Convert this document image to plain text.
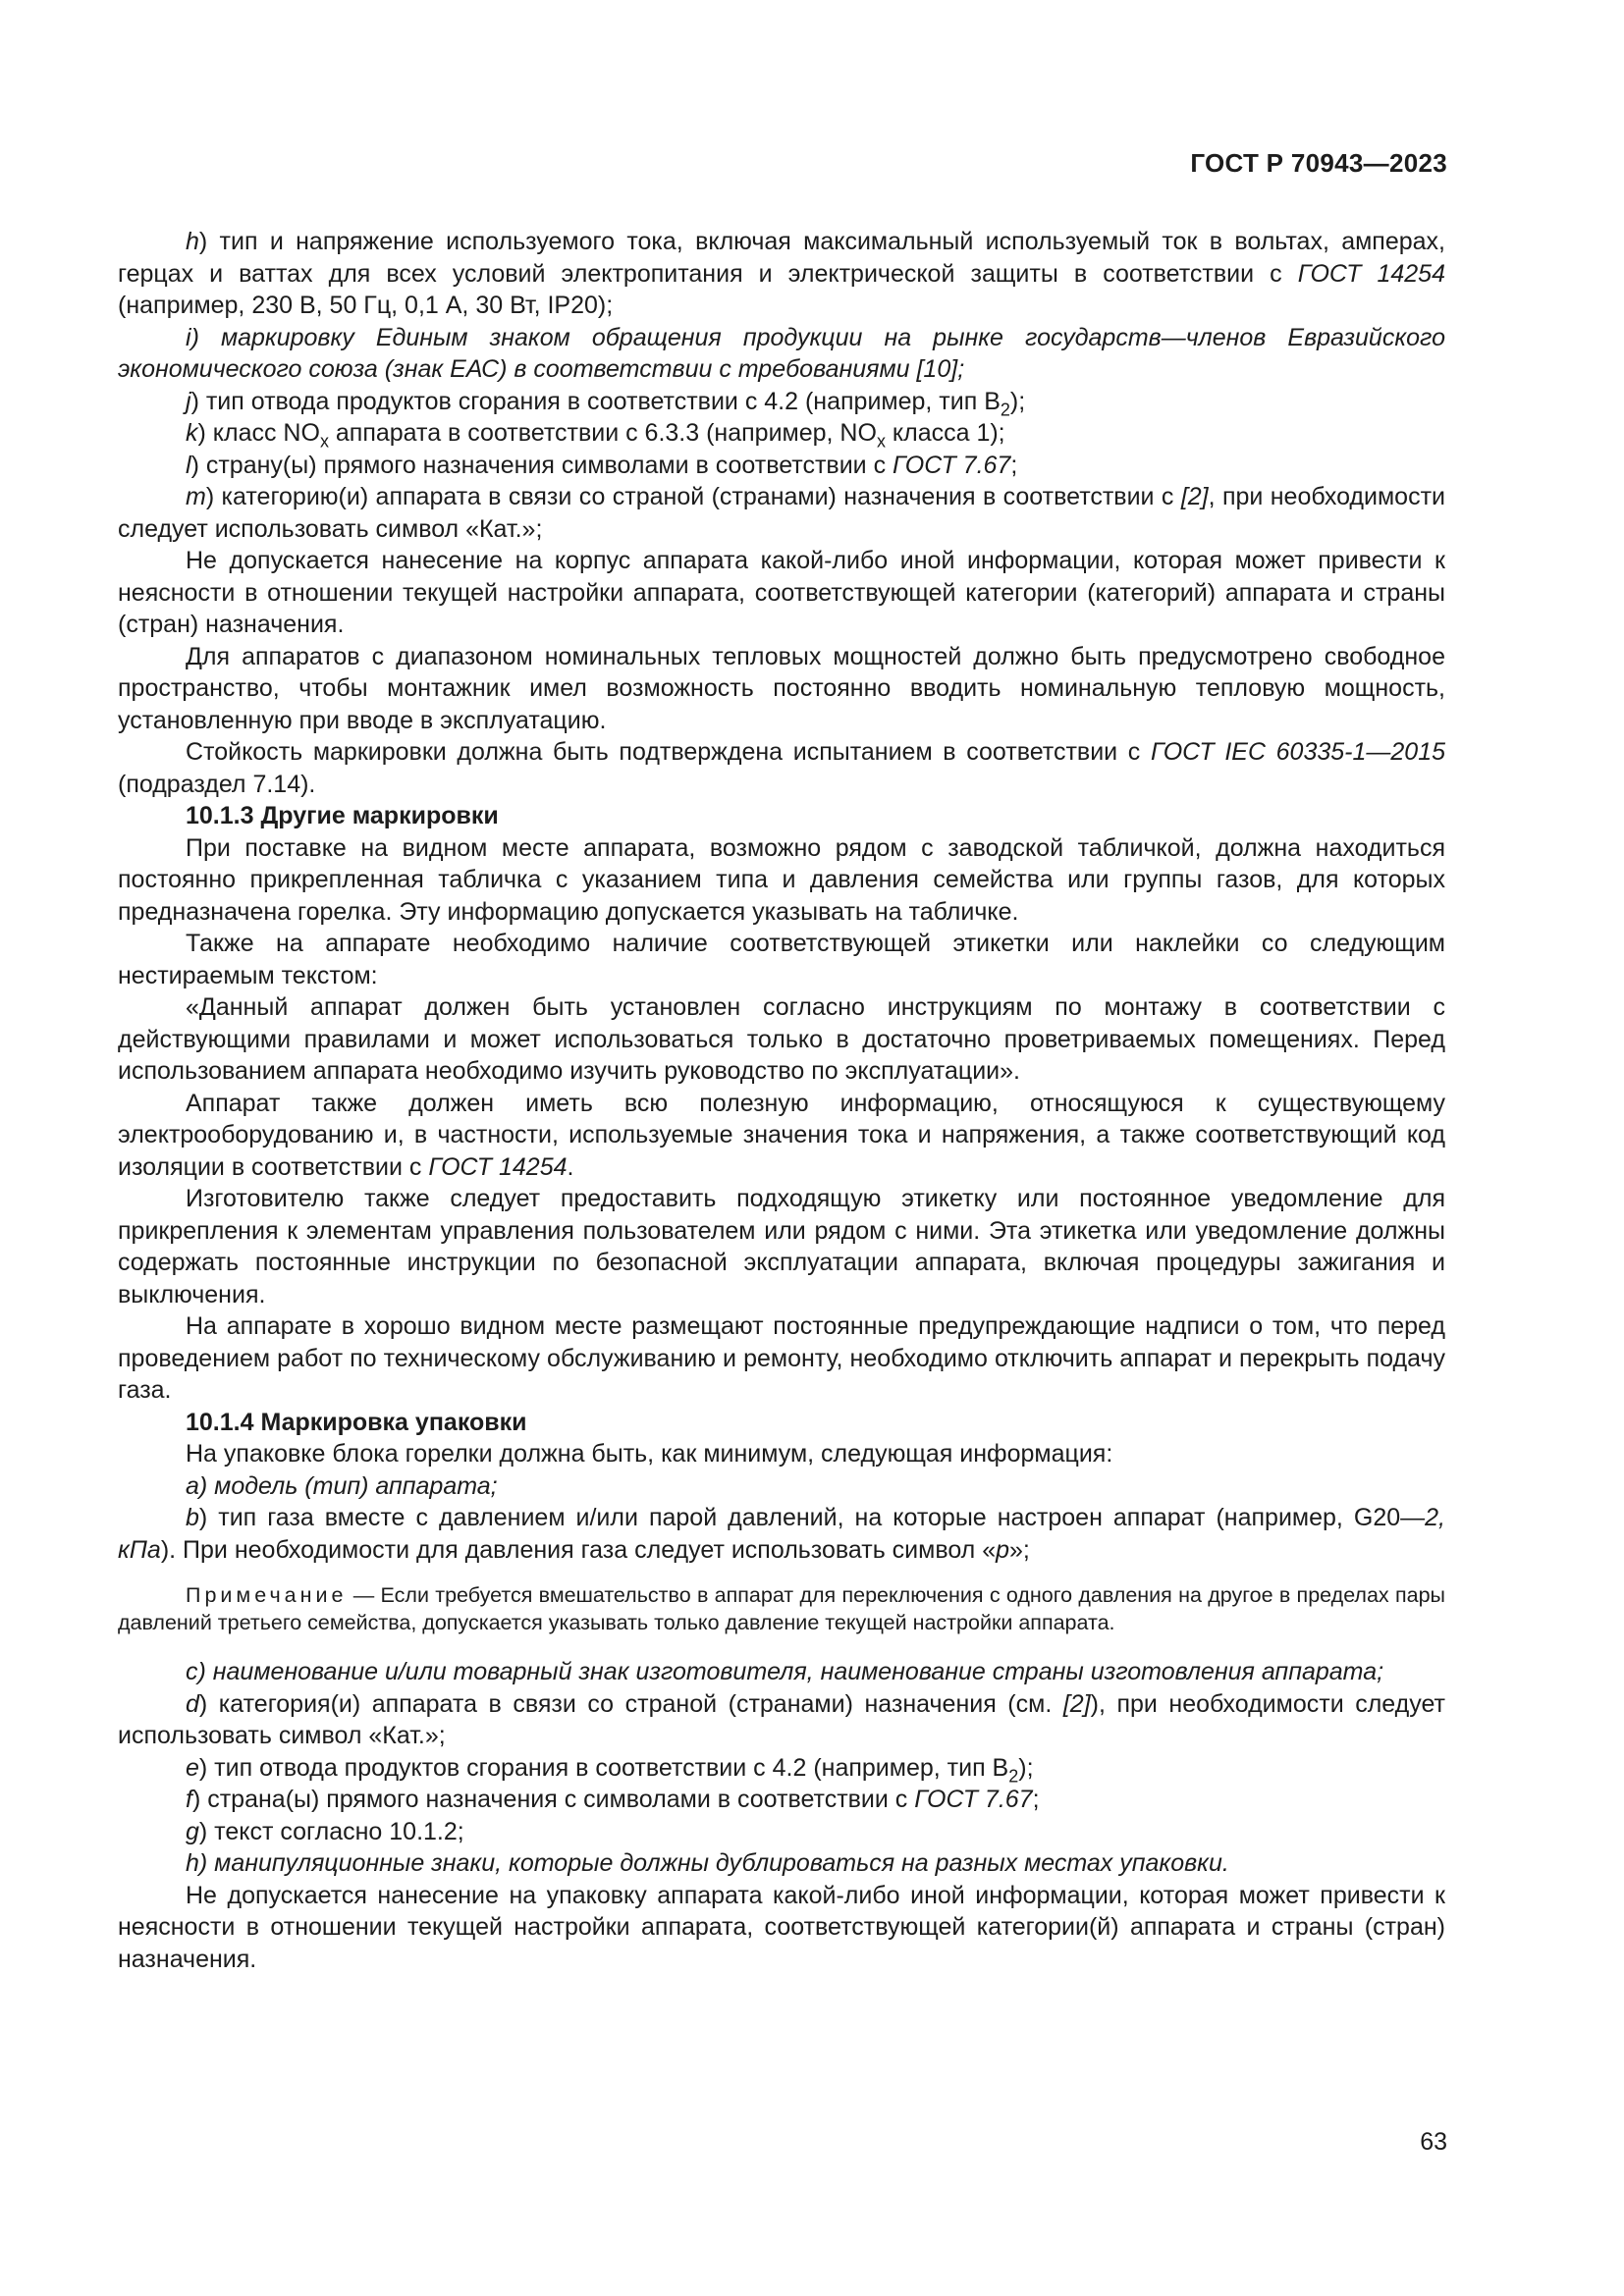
ГОСТ Р 70943—2023

h) тип и напряжение используемого тока, включая максимальный используемый ток в вольтах, амперах, герцах и ваттах для всех условий электропитания и электрической защиты в соответствии с ГОСТ 14254 (например, 230 В, 50 Гц, 0,1 А, 30 Вт, IP20);

i) маркировку Единым знаком обращения продукции на рынке государств—членов Евразийского экономического союза (знак ЕАС) в соответствии с требованиями [10];

j) тип отвода продуктов сгорания в соответствии с 4.2 (например, тип $В_2$);

k) класс $NO_x$ аппарата в соответствии с 6.3.3 (например, $NO_x$ класса 1);

l) страну(ы) прямого назначения символами в соответствии с ГОСТ 7.67;

m) категорию(и) аппарата в связи со страной (странами) назначения в соответствии с [2], при необходимости следует использовать символ «Кат.»;

Не допускается нанесение на корпус аппарата какой-либо иной информации, которая может привести к неясности в отношении текущей настройки аппарата, соответствующей категории (категорий) аппарата и страны (стран) назначения.

Для аппаратов с диапазоном номинальных тепловых мощностей должно быть предусмотрено свободное пространство, чтобы монтажник имел возможность постоянно вводить номинальную тепловую мощность, установленную при вводе в эксплуатацию.

Стойкость маркировки должна быть подтверждена испытанием в соответствии с ГОСТ IEC 60335-1—2015 (подраздел 7.14).

10.1.3 Другие маркировки

При поставке на видном месте аппарата, возможно рядом с заводской табличкой, должна находиться постоянно прикрепленная табличка с указанием типа и давления семейства или группы газов, для которых предназначена горелка. Эту информацию допускается указывать на табличке.

Также на аппарате необходимо наличие соответствующей этикетки или наклейки со следующим нестираемым текстом:

«Данный аппарат должен быть установлен согласно инструкциям по монтажу в соответствии с действующими правилами и может использоваться только в достаточно проветриваемых помещениях. Перед использованием аппарата необходимо изучить руководство по эксплуатации».

Аппарат также должен иметь всю полезную информацию, относящуюся к существующему электрооборудованию и, в частности, используемые значения тока и напряжения, а также соответствующий код изоляции в соответствии с ГОСТ 14254.

Изготовителю также следует предоставить подходящую этикетку или постоянное уведомление для прикрепления к элементам управления пользователем или рядом с ними. Эта этикетка или уведомление должны содержать постоянные инструкции по безопасной эксплуатации аппарата, включая процедуры зажигания и выключения.

На аппарате в хорошо видном месте размещают постоянные предупреждающие надписи о том, что перед проведением работ по техническому обслуживанию и ремонту, необходимо отключить аппарат и перекрыть подачу газа.

10.1.4 Маркировка упаковки

На упаковке блока горелки должна быть, как минимум, следующая информация:

а) модель (тип) аппарата;

b) тип газа вместе с давлением и/или парой давлений, на которые настроен аппарат (например, G20—2, кПа). При необходимости для давления газа следует использовать символ «р»;

Примечание — Если требуется вмешательство в аппарат для переключения с одного давления на другое в пределах пары давлений третьего семейства, допускается указывать только давление текущей настройки аппарата.

с) наименование и/или товарный знак изготовителя, наименование страны изготовления аппарата;

d) категория(и) аппарата в связи со страной (странами) назначения (см. [2]), при необходимости следует использовать символ «Кат.»;

е) тип отвода продуктов сгорания в соответствии с 4.2 (например, тип $В_2$);

f) страна(ы) прямого назначения с символами в соответствии с ГОСТ 7.67;

g) текст согласно 10.1.2;

h) манипуляционные знаки, которые должны дублироваться на разных местах упаковки.

Не допускается нанесение на упаковку аппарата какой-либо иной информации, которая может привести к неясности в отношении текущей настройки аппарата, соответствующей категории(й) аппарата и страны (стран) назначения.

63
